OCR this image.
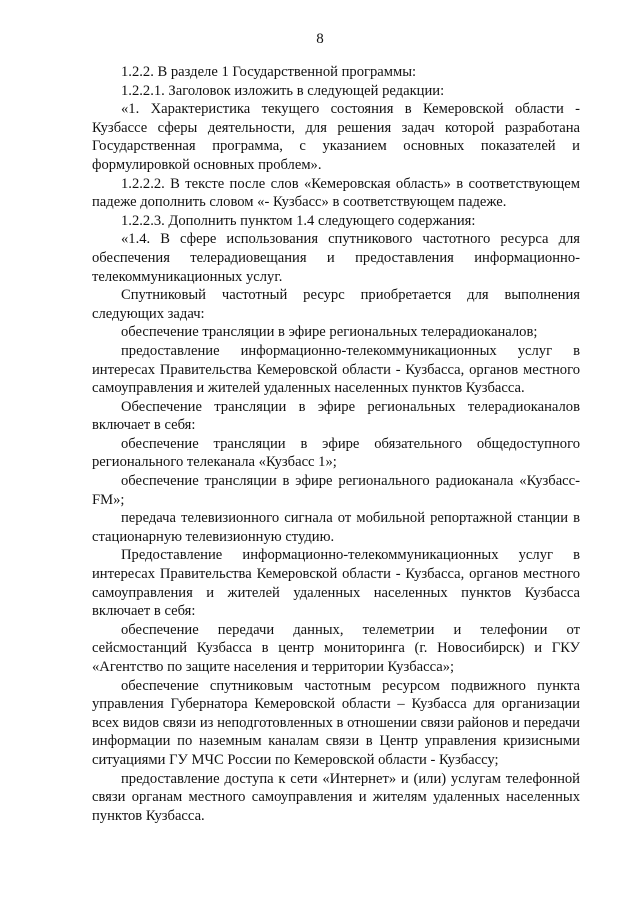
8

1.2.2. В разделе 1 Государственной программы:

1.2.2.1. Заголовок изложить в следующей редакции:

«1. Характеристика текущего состояния в Кемеровской области - Кузбассе сферы деятельности, для решения задач которой разработана Государственная программа, с указанием основных показателей и формулировкой основных проблем».

1.2.2.2. В тексте после слов «Кемеровская область» в соответствующем падеже дополнить словом «- Кузбасс» в соответствующем падеже.

1.2.2.3. Дополнить пунктом 1.4 следующего содержания:

«1.4. В сфере использования спутникового частотного ресурса для обеспечения телерадиовещания и предоставления информационно-телекоммуникационных услуг.

Спутниковый частотный ресурс приобретается для выполнения следующих задач:

обеспечение трансляции в эфире региональных телерадиоканалов;

предоставление информационно-телекоммуникационных услуг в интересах Правительства Кемеровской области - Кузбасса, органов местного самоуправления и жителей удаленных населенных пунктов Кузбасса.

Обеспечение трансляции в эфире региональных телерадиоканалов включает в себя:

обеспечение трансляции в эфире обязательного общедоступного регионального телеканала «Кузбасс 1»;

обеспечение трансляции в эфире регионального радиоканала «Кузбасс-FM»;

передача телевизионного сигнала от мобильной репортажной станции в стационарную телевизионную студию.

Предоставление информационно-телекоммуникационных услуг в интересах Правительства Кемеровской области - Кузбасса, органов местного самоуправления и жителей удаленных населенных пунктов Кузбасса включает в себя:

обеспечение передачи данных, телеметрии и телефонии от сейсмостанций Кузбасса в центр мониторинга (г. Новосибирск) и ГКУ «Агентство по защите населения и территории Кузбасса»;

обеспечение спутниковым частотным ресурсом подвижного пункта управления Губернатора Кемеровской области – Кузбасса для организации всех видов связи из неподготовленных в отношении связи районов и передачи информации по наземным каналам связи в Центр управления кризисными ситуациями ГУ МЧС России по Кемеровской области - Кузбассу;

предоставление доступа к сети «Интернет» и (или) услугам телефонной связи органам местного самоуправления и жителям удаленных населенных пунктов Кузбасса.
